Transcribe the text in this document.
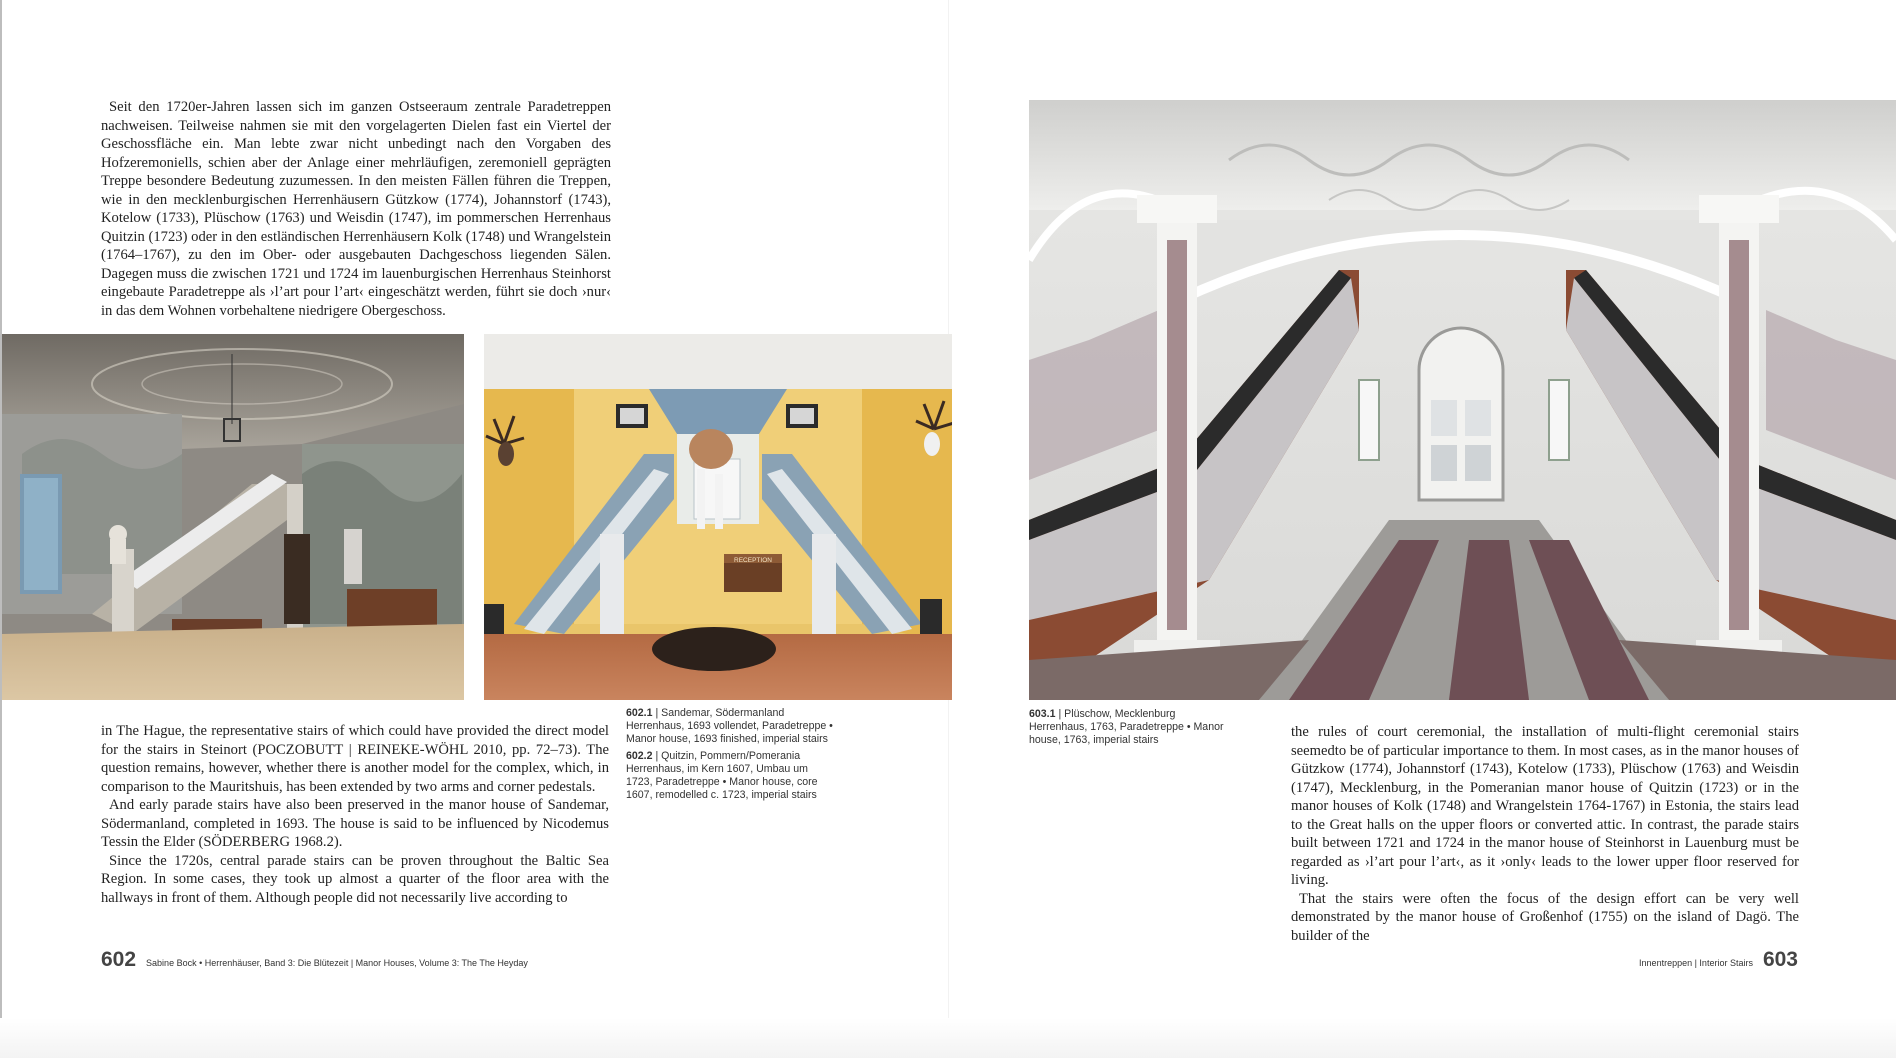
Seit den 1720er-Jahren lassen sich im ganzen Ostseeraum zentrale Paradetreppen nachweisen. Teilweise nahmen sie mit den vorgelagerten Dielen fast ein Viertel der Geschossfläche ein. Man lebte zwar nicht unbedingt nach den Vorgaben des Hofzeremoniells, schien aber der Anlage einer mehrläufigen, zeremoniell geprägten Treppe besondere Bedeutung zuzumessen. In den meisten Fällen führen die Treppen, wie in den mecklenburgischen Herrenhäusern Gützkow (1774), Johannstorf (1743), Kotelow (1733), Plüschow (1763) und Weisdin (1747), im pommerschen Herrenhaus Quitzin (1723) oder in den estländischen Herrenhäusern Kolk (1748) und Wrangelstein (1764–1767), zu den im Ober- oder ausgebauten Dachgeschoss liegenden Sälen. Dagegen muss die zwischen 1721 und 1724 im lauenburgischen Herrenhaus Steinhorst eingebaute Paradetreppe als ›l’art pour l’art‹ eingeschätzt werden, führt sie doch ›nur‹ in das dem Wohnen vorbehaltene niedrigere Obergeschoss.

RECEPTION
602.1 | Sandemar, Södermanland Herrenhaus, 1693 vollendet, Paradetreppe • Manor house, 1693 finished, imperial stairs
602.2 | Quitzin, Pommern/Pomerania Herrenhaus, im Kern 1607, Umbau um 1723, Paradetreppe • Manor house, core 1607, remodelled c. 1723, imperial stairs

in The Hague, the representative stairs of which could have provided the direct model for the stairs in Steinort (POCZOBUTT | REINEKE-WÖHL 2010, pp. 72–73). The question remains, however, whether there is another model for the complex, which, in comparison to the Mauritshuis, has been extended by two arms and corner pedestals.

And early parade stairs have also been preserved in the manor house of Sandemar, Södermanland, completed in 1693. The house is said to be influenced by Nicodemus Tessin the Elder (SÖDERBERG 1968.2).

Since the 1720s, central parade stairs can be proven throughout the Baltic Sea Region. In some cases, they took up almost a quarter of the floor area with the hallways in front of them. Although people did not necessarily live according to

602 Sabine Bock • Herrenhäuser, Band 3: Die Blütezeit | Manor Houses, Volume 3: The The Heyday
603.1 | Plüschow, Mecklenburg Herrenhaus, 1763, Paradetreppe • Manor house, 1763, imperial stairs	the rules of court ceremonial, the installation of multi-flight ceremonial stairs seemedto be of particular importance to them. In most cases, as in the manor houses of Gützkow (1774), Johannstorf (1743), Kotelow (1733), Plüschow (1763) and Weisdin (1747), Mecklenburg, in the Pomeranian manor house of Quitzin (1723) or in the manor houses of Kolk (1748) and Wrangelstein 1764-1767) in Estonia, the stairs lead to the Great halls on the upper floors or converted attic. In contrast, the parade stairs built between 1721 and 1724 in the manor house of Steinhorst in Lauenburg must be regarded as ›l’art pour l’art‹, as it ›only‹ leads to the lower upper floor reserved for living.

That the stairs were often the focus of the design effort can be very well demonstrated by the manor house of Großenhof (1755) on the island of Dagö. The builder of the

Innentreppen | Interior Stairs 603
